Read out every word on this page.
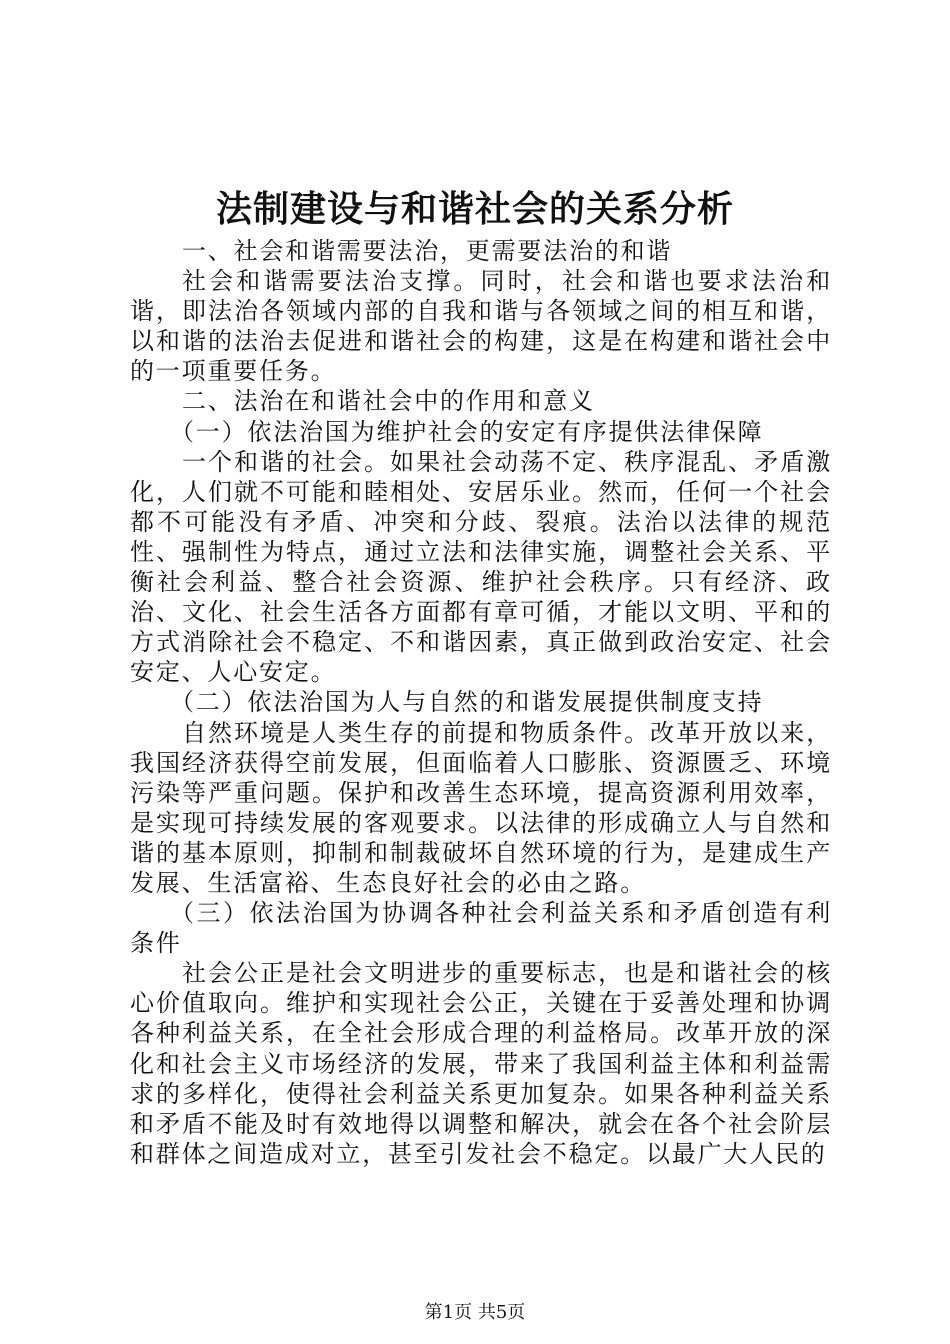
法制建设与和谐社会的关系分析

一、社会和谐需要法治，更需要法治的和谐

社会和谐需要法治支撑。同时，社会和谐也要求法治和谐，即法治各领域内部的自我和谐与各领域之间的相互和谐，以和谐的法治去促进和谐社会的构建，这是在构建和谐社会中的一项重要任务。

二、法治在和谐社会中的作用和意义

（一）依法治国为维护社会的安定有序提供法律保障

一个和谐的社会。如果社会动荡不定、秩序混乱、矛盾激化，人们就不可能和睦相处、安居乐业。然而，任何一个社会都不可能没有矛盾、冲突和分歧、裂痕。法治以法律的规范性、强制性为特点，通过立法和法律实施，调整社会关系、平衡社会利益、整合社会资源、维护社会秩序。只有经济、政治、文化、社会生活各方面都有章可循，才能以文明、平和的方式消除社会不稳定、不和谐因素，真正做到政治安定、社会安定、人心安定。

（二）依法治国为人与自然的和谐发展提供制度支持

自然环境是人类生存的前提和物质条件。改革开放以来，我国经济获得空前发展，但面临着人口膨胀、资源匮乏、环境污染等严重问题。保护和改善生态环境，提高资源利用效率，是实现可持续发展的客观要求。以法律的形成确立人与自然和谐的基本原则，抑制和制裁破坏自然环境的行为，是建成生产发展、生活富裕、生态良好社会的必由之路。

（三）依法治国为协调各种社会利益关系和矛盾创造有利条件

社会公正是社会文明进步的重要标志，也是和谐社会的核心价值取向。维护和实现社会公正，关键在于妥善处理和协调各种利益关系，在全社会形成合理的利益格局。改革开放的深化和社会主义市场经济的发展，带来了我国利益主体和利益需求的多样化，使得社会利益关系更加复杂。如果各种利益关系和矛盾不能及时有效地得以调整和解决，就会在各个社会阶层和群体之间造成对立，甚至引发社会不稳定。以最广大人民的

第1页 共5页
